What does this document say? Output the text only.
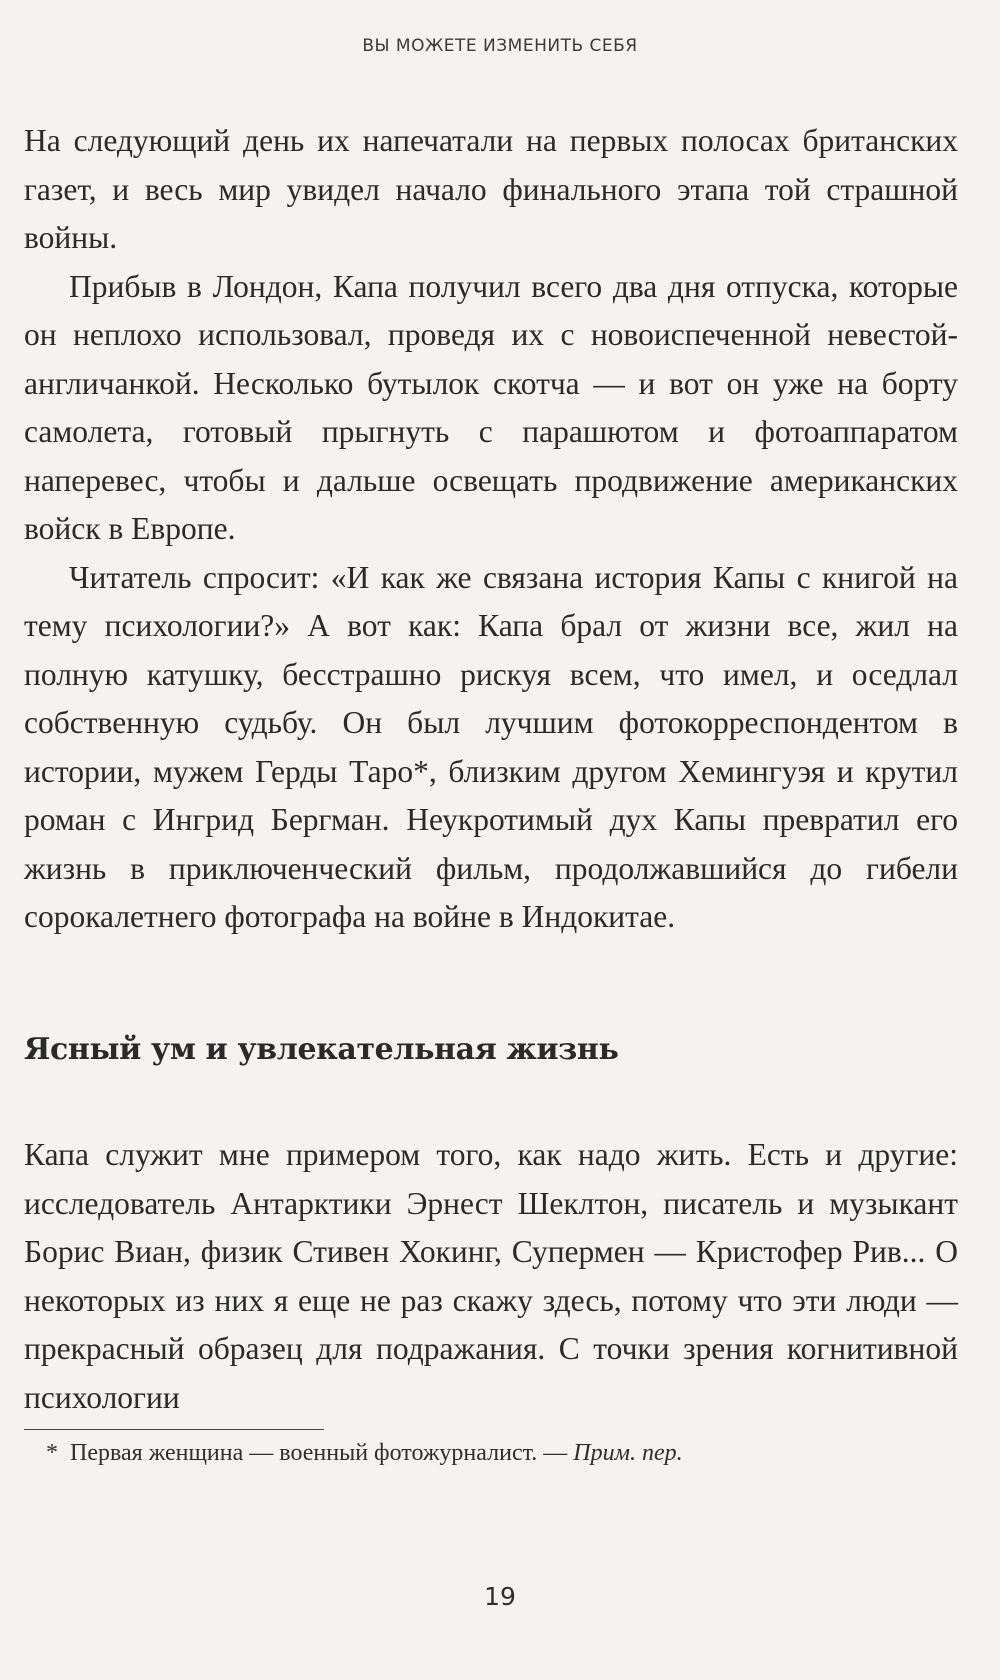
ВЫ МОЖЕТЕ ИЗМЕНИТЬ СЕБЯ

На следующий день их напечатали на первых полосах британских газет, и весь мир увидел начало финального этапа той страшной войны.

Прибыв в Лондон, Капа получил всего два дня отпуска, которые он неплохо использовал, проведя их с новоиспеченной невестой-англичанкой. Несколько бутылок скотча — и вот он уже на борту самолета, готовый прыгнуть с парашютом и фотоаппаратом наперевес, чтобы и дальше освещать продвижение американских войск в Европе.

Читатель спросит: «И как же связана история Капы с книгой на тему психологии?» А вот как: Капа брал от жизни все, жил на полную катушку, бесстрашно рискуя всем, что имел, и оседлал собственную судьбу. Он был лучшим фотокорреспондентом в истории, мужем Герды Таро*, близким другом Хемингуэя и крутил роман с Ингрид Бергман. Неукротимый дух Капы превратил его жизнь в приключенческий фильм, продолжавшийся до гибели сорокалетнего фотографа на войне в Индокитае.

Ясный ум и увлекательная жизнь

Капа служит мне примером того, как надо жить. Есть и другие: исследователь Антарктики Эрнест Шеклтон, писатель и музыкант Борис Виан, физик Стивен Хокинг, Супермен — Кристофер Рив... О некоторых из них я еще не раз скажу здесь, потому что эти люди — прекрасный образец для подражания. С точки зрения когнитивной психологии

* Первая женщина — военный фотожурналист. — Прим. пер.
19
